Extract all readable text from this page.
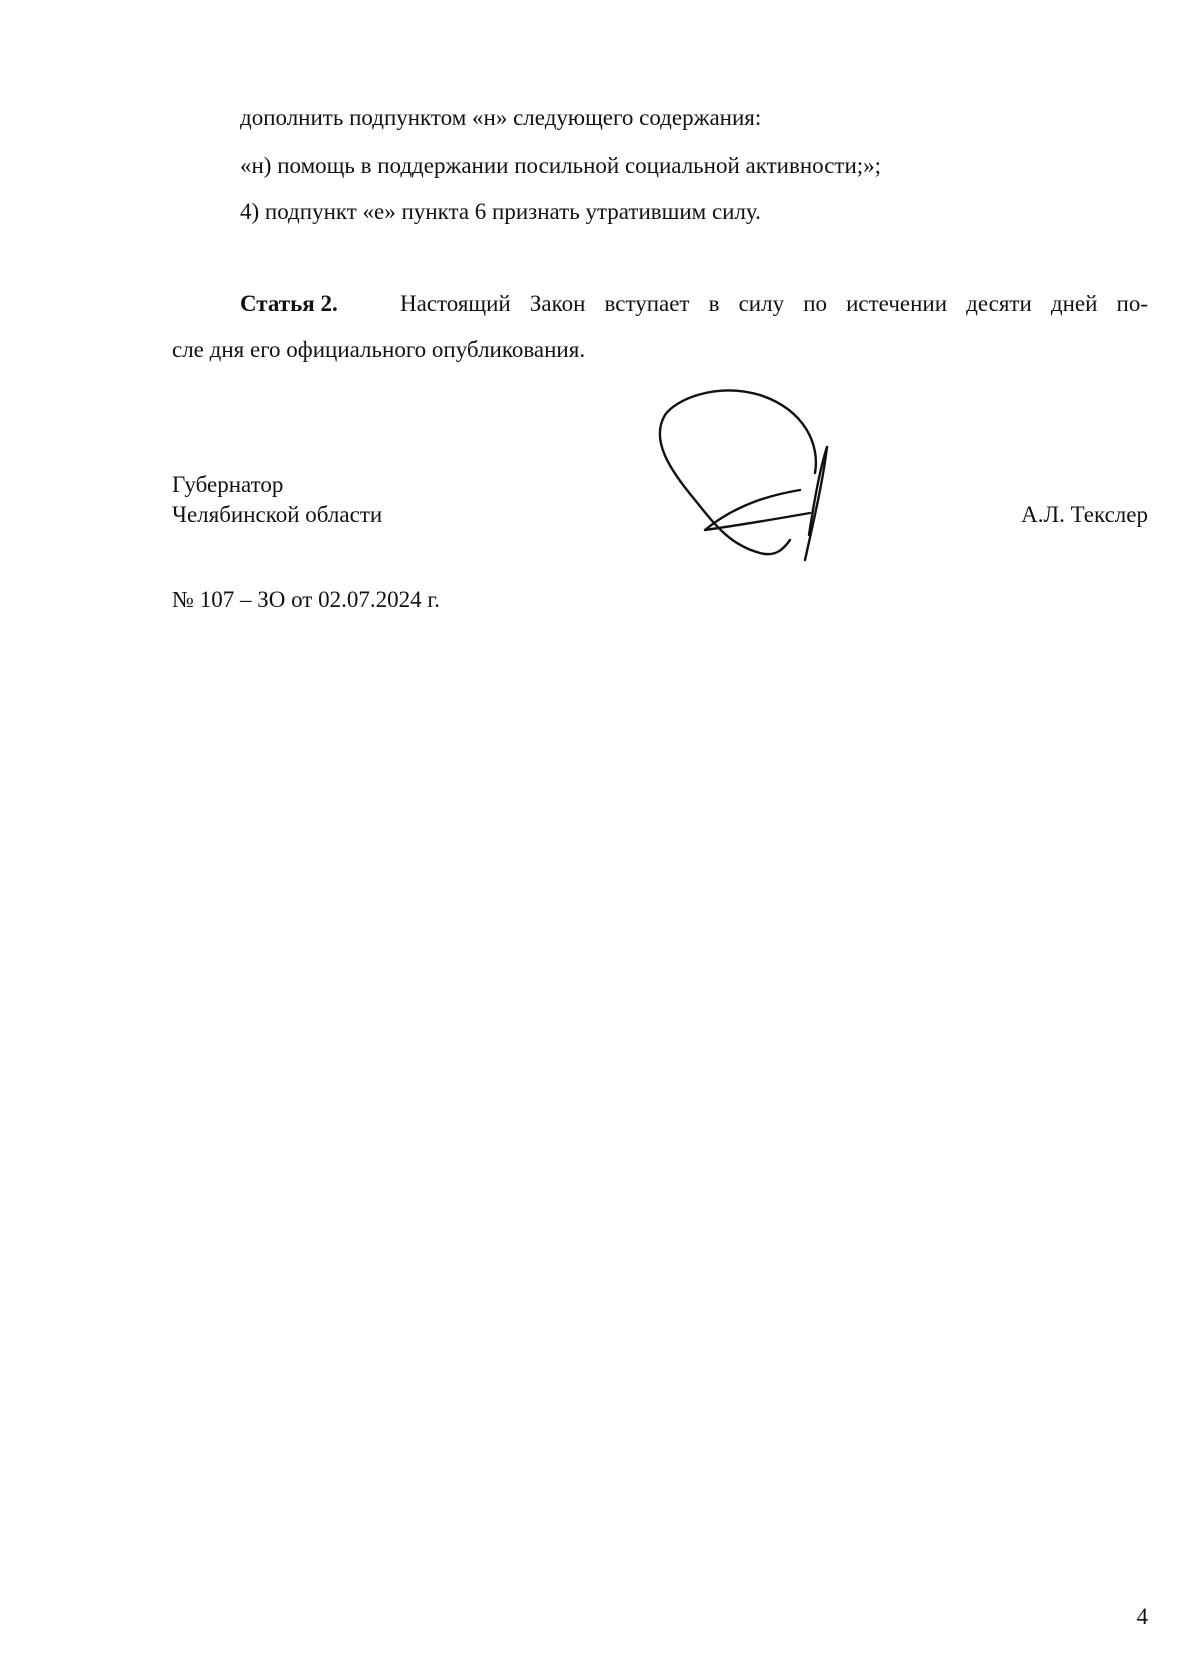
дополнить подпунктом «н» следующего содержания:
«н) помощь в поддержании посильной социальной активности;»;
4) подпункт «е» пункта 6 признать утратившим силу.
Статья 2.	Настоящий Закон вступает в силу по истечении десяти дней по-
сле дня его официального опубликования.
Губернатор
Челябинской области	А.Л. Текслер
№ 107 – ЗО от 02.07.2024 г.
4
